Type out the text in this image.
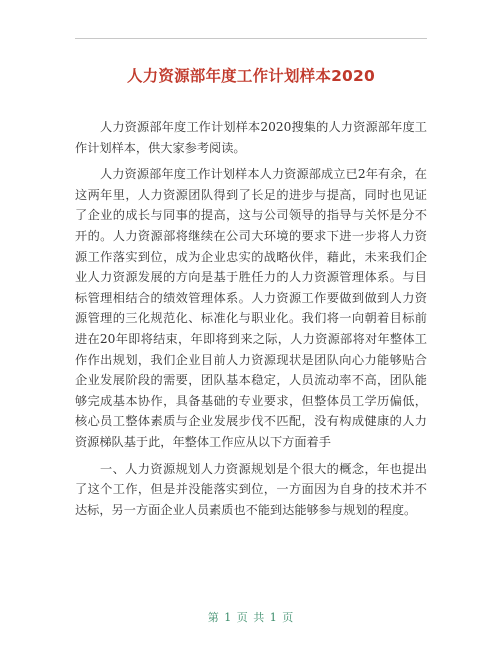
人力资源部年度工作计划样本2020

人力资源部年度工作计划样本2020搜集的人力资源部年度工作计划样本，供大家参考阅读。

人力资源部年度工作计划样本人力资源部成立已2年有余，在这两年里，人力资源团队得到了长足的进步与提高，同时也见证了企业的成长与同事的提高，这与公司领导的指导与关怀是分不开的。人力资源部将继续在公司大环境的要求下进一步将人力资源工作落实到位，成为企业忠实的战略伙伴，藉此，未来我们企业人力资源发展的方向是基于胜任力的人力资源管理体系。与目标管理相结合的绩效管理体系。人力资源工作要做到做到人力资源管理的三化规范化、标准化与职业化。我们将一向朝着目标前进在20年即将结束，年即将到来之际，人力资源部将对年整体工作作出规划，我们企业目前人力资源现状是团队向心力能够贴合企业发展阶段的需要，团队基本稳定，人员流动率不高，团队能够完成基本协作，具备基础的专业要求，但整体员工学历偏低，核心员工整体素质与企业发展步伐不匹配，没有构成健康的人力资源梯队基于此，年整体工作应从以下方面着手

一、人力资源规划人力资源规划是个很大的概念，年也提出了这个工作，但是并没能落实到位，一方面因为自身的技术并不达标，另一方面企业人员素质也不能到达能够参与规划的程度。

第 1 页 共 1 页
